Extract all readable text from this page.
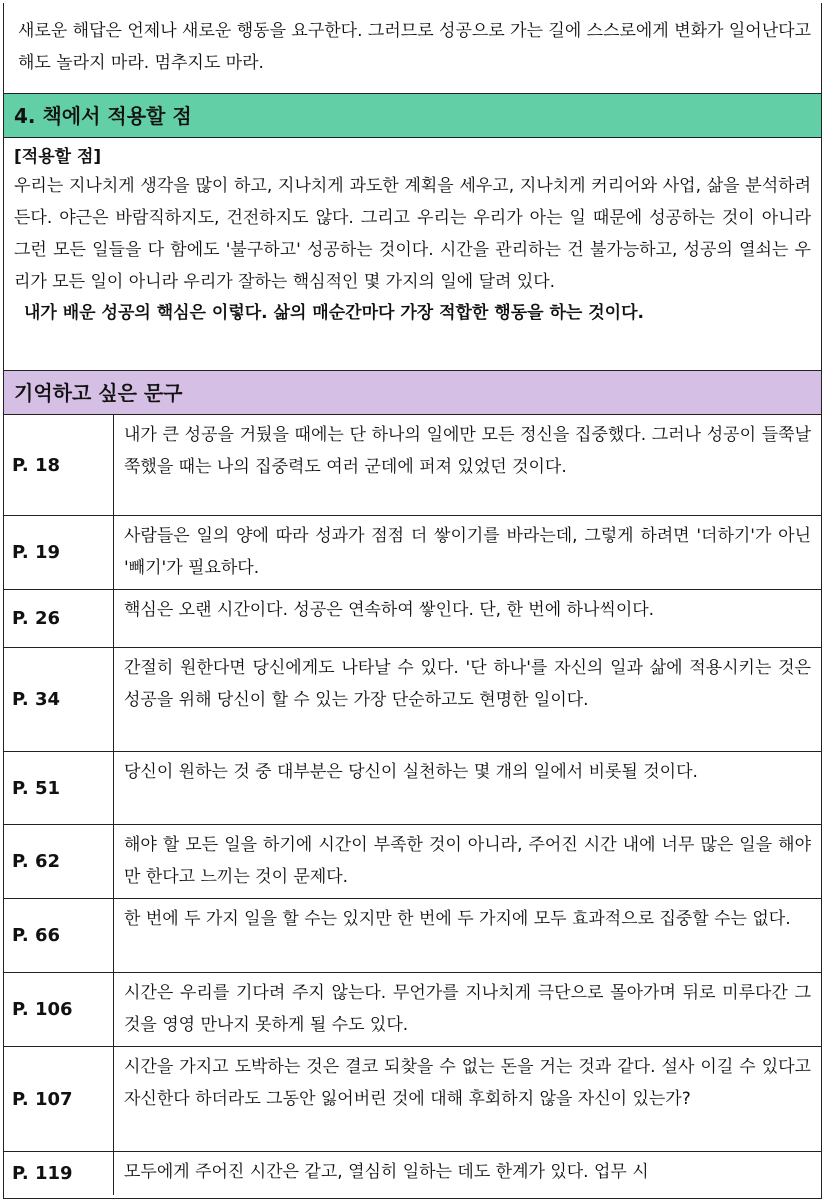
새로운 해답은 언제나 새로운 행동을 요구한다. 그러므로 성공으로 가는 길에 스스로에게 변화가 일어난다고 해도 놀라지 마라. 멈추지도 마라.
4. 책에서 적용할 점
[적용할 점]
우리는 지나치게 생각을 많이 하고, 지나치게 과도한 계획을 세우고, 지나치게 커리어와 사업, 삶을 분석하려 든다. 야근은 바람직하지도, 건전하지도 않다. 그리고 우리는 우리가 아는 일 때문에 성공하는 것이 아니라 그런 모든 일들을 다 함에도 '불구하고' 성공하는 것이다. 시간을 관리하는 건 불가능하고, 성공의 열쇠는 우리가 모든 일이 아니라 우리가 잘하는 핵심적인 몇 가지의 일에 달려 있다.
내가 배운 성공의 핵심은 이렇다. 삶의 매순간마다 가장 적합한 행동을 하는 것이다.
기억하고 싶은 문구
P. 18
내가 큰 성공을 거뒀을 때에는 단 하나의 일에만 모든 정신을 집중했다. 그러나 성공이 들쭉날쭉했을 때는 나의 집중력도 여러 군데에 퍼져 있었던 것이다.
P. 19
사람들은 일의 양에 따라 성과가 점점 더 쌓이기를 바라는데, 그렇게 하려면 '더하기'가 아닌 '빼기'가 필요하다.
P. 26	핵심은 오랜 시간이다. 성공은 연속하여 쌓인다. 단, 한 번에 하나씩이다.
P. 34
간절히 원한다면 당신에게도 나타날 수 있다. '단 하나'를 자신의 일과 삶에 적용시키는 것은 성공을 위해 당신이 할 수 있는 가장 단순하고도 현명한 일이다.
P. 51
당신이 원하는 것 중 대부분은 당신이 실천하는 몇 개의 일에서 비롯될 것이다.
P. 62
해야 할 모든 일을 하기에 시간이 부족한 것이 아니라, 주어진 시간 내에 너무 많은 일을 해야만 한다고 느끼는 것이 문제다.
P. 66
한 번에 두 가지 일을 할 수는 있지만 한 번에 두 가지에 모두 효과적으로 집중할 수는 없다.
P. 106
시간은 우리를 기다려 주지 않는다. 무언가를 지나치게 극단으로 몰아가며 뒤로 미루다간 그것을 영영 만나지 못하게 될 수도 있다.
P. 107
시간을 가지고 도박하는 것은 결코 되찾을 수 없는 돈을 거는 것과 같다. 설사 이길 수 있다고 자신한다 하더라도 그동안 잃어버린 것에 대해 후회하지 않을 자신이 있는가?
P. 119	모두에게 주어진 시간은 같고, 열심히 일하는 데도 한계가 있다. 업무 시
